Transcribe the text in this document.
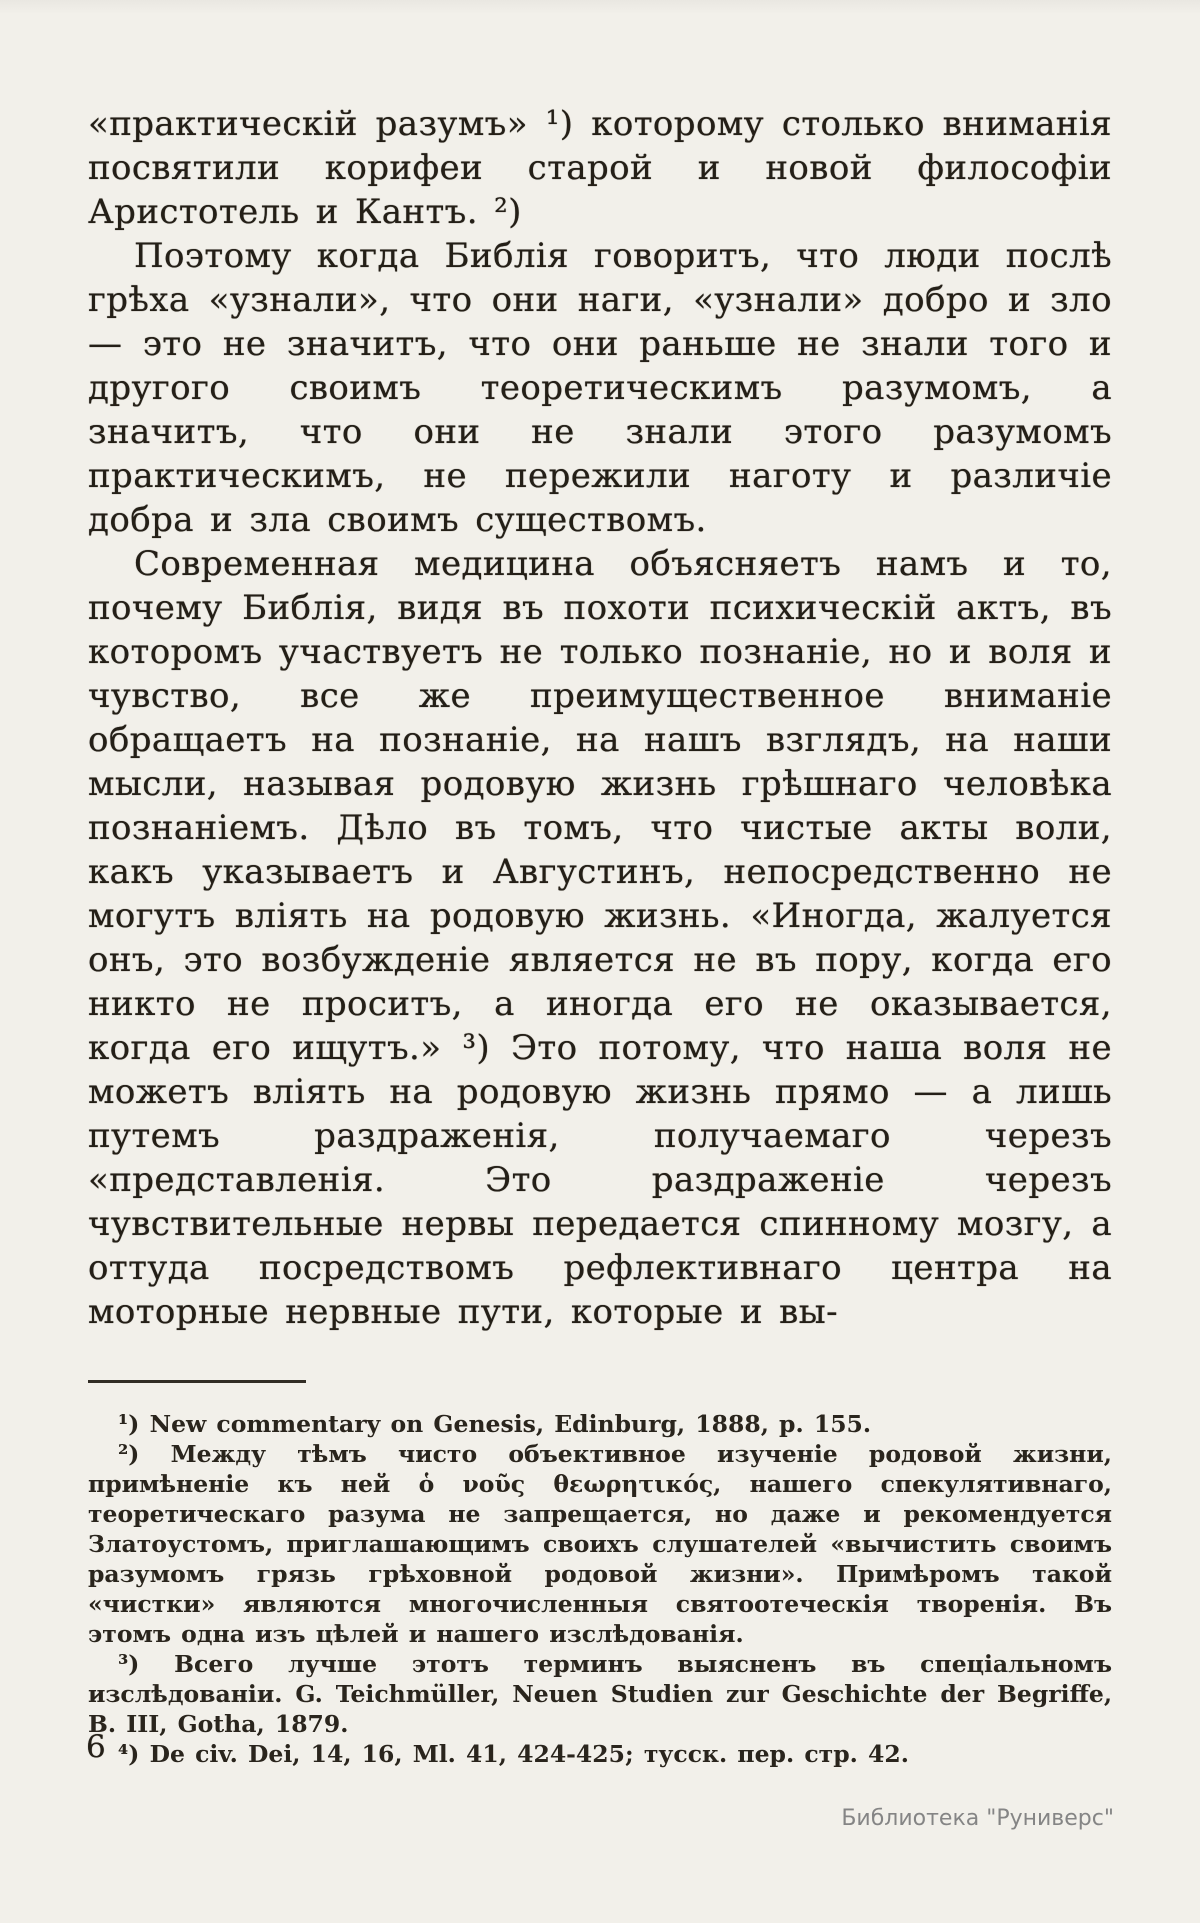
«практическій разумъ» ¹) которому столько вниманія посвятили корифеи старой и новой философіи Аристотель и Кантъ. ²)

Поэтому когда Библія говоритъ, что люди послѣ грѣха «узнали», что они наги, «узнали» добро и зло — это не значитъ, что они раньше не знали того и другого своимъ теоретическимъ разумомъ, а значитъ, что они не знали этого разумомъ практическимъ, не пережили наготу и различіе добра и зла своимъ существомъ.

Современная медицина объясняетъ намъ и то, почему Библія, видя въ похоти психическій актъ, въ которомъ участвуетъ не только познаніе, но и воля и чувство, все же преимущественное вниманіе обращаетъ на познаніе, на нашъ взглядъ, на наши мысли, называя родовую жизнь грѣшнаго человѣка познаніемъ. Дѣло въ томъ, что чистые акты воли, какъ указываетъ и Августинъ, непосредственно не могутъ вліять на родовую жизнь. «Иногда, жалуется онъ, это возбужденіе является не въ пору, когда его никто не проситъ, а иногда его не оказывается, когда его ищутъ.» ³) Это потому, что наша воля не можетъ вліять на родовую жизнь прямо — а лишь путемъ раздраженія, получаемаго черезъ «представленія. Это раздраженіе черезъ чувствительные нервы передается спинному мозгу, а оттуда посредствомъ рефлективнаго центра на моторные нервные пути, которые и вы-

¹) New commentary on Genesis, Edinburg, 1888, p. 155.

²) Между тѣмъ чисто объективное изученіе родовой жизни, примѣненіе къ ней ὁ νοῦς θεωρητικός, нашего спекулятивнаго, теоретическаго разума не запрещается, но даже и рекомендуется Златоустомъ, приглашающимъ своихъ слушателей «вычистить своимъ разумомъ грязь грѣховной родовой жизни». Примѣромъ такой «чистки» являются многочисленныя святоотеческія творенія. Въ этомъ одна изъ цѣлей и нашего изслѣдованія.

³) Всего лучше этотъ терминъ выясненъ въ спеціальномъ изслѣдованіи. G. Teichmüller, Neuen Studien zur Geschichte der Begriffe, B. III, Gotha, 1879.

⁴) De civ. Dei, 14, 16, Ml. 41, 424-425; тусск. пер. стр. 42.

6
Библиотека "Руниверс"
